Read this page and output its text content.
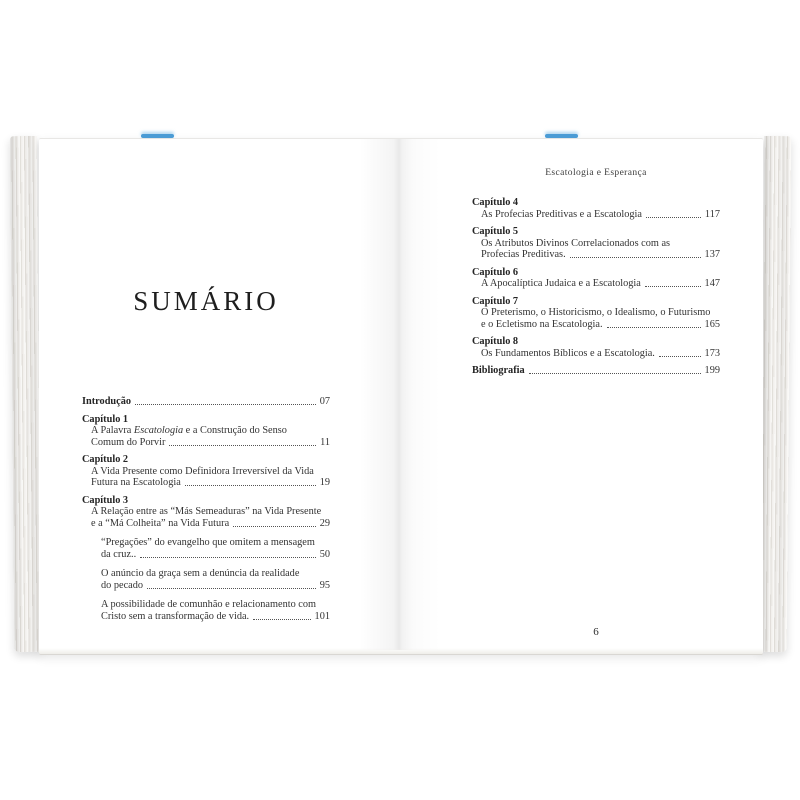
SUMÁRIO
Introdução	07
Capítulo 1
A Palavra Escatologia e a Construção do Senso
Comum do Porvir	11
Capítulo 2
A Vida Presente como Definidora Irreversível da Vida
Futura na Escatologia	19
Capítulo 3
A Relação entre as “Más Semeaduras” na Vida Presente
e a “Má Colheita” na Vida Futura	29
“Pregações” do evangelho que omitem a mensagem
da cruz..	50
O anúncio da graça sem a denúncia da realidade
do pecado	95
A possibilidade de comunhão e relacionamento com
Cristo sem a transformação de vida.	101
Escatologia e Esperança
Capítulo 4
As Profecias Preditivas e a Escatologia	117
Capítulo 5
Os Atributos Divinos Correlacionados com as
Profecias Preditivas.	137
Capítulo 6
A Apocalíptica Judaica e a Escatologia	147
Capítulo 7
O Preterismo, o Historicismo, o Idealismo, o Futurismo
e o Ecletismo na Escatologia.	165
Capítulo 8
Os Fundamentos Bíblicos e a Escatologia.	173
Bibliografia	199
6
